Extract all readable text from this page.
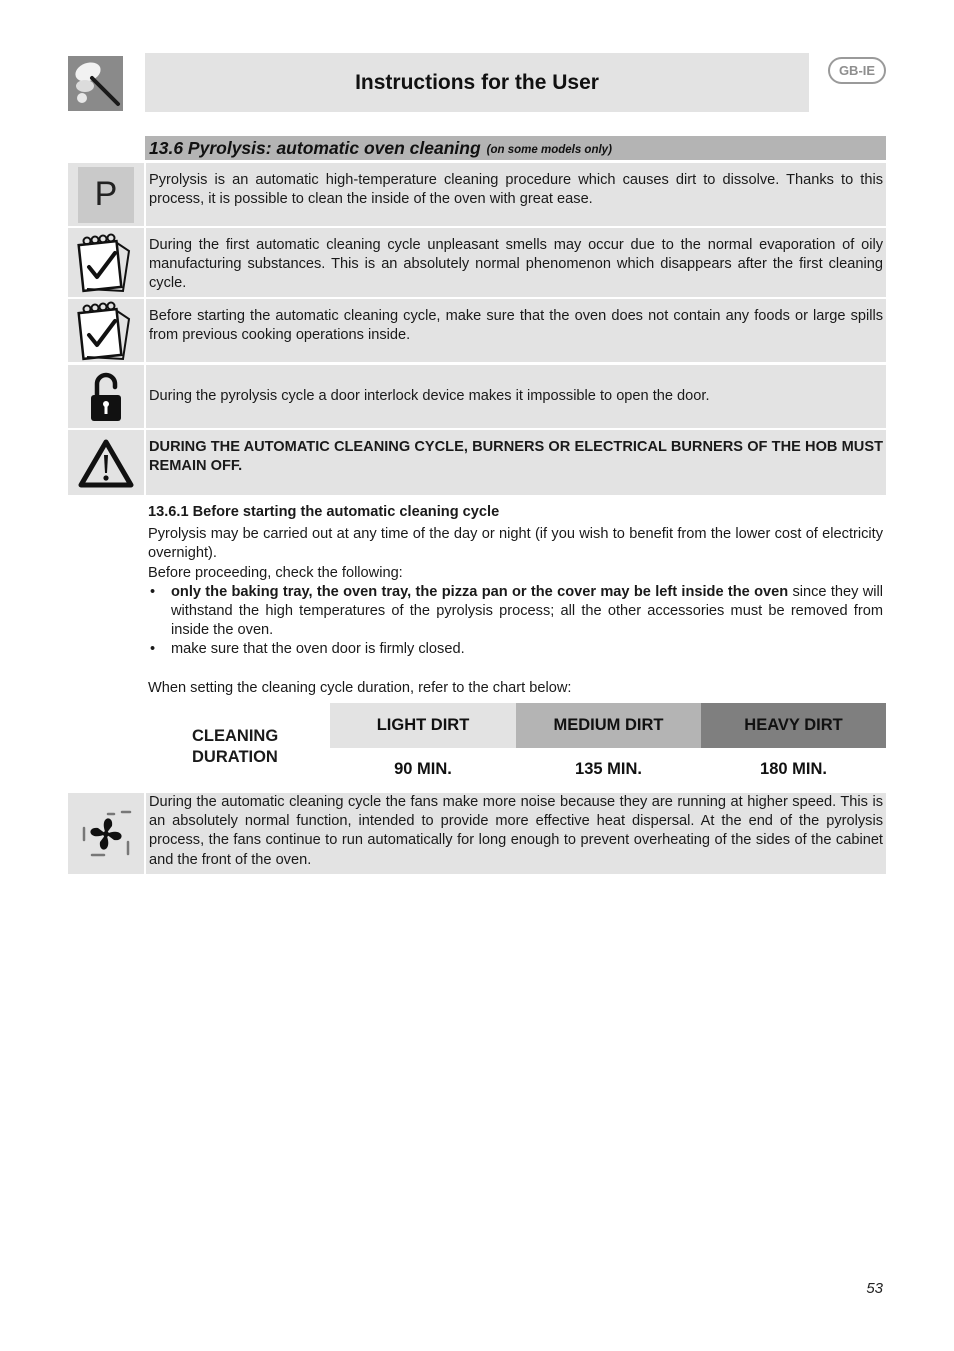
Instructions for the User	GB-IE
13.6 Pyrolysis: automatic oven cleaning (on some models only)
P	Pyrolysis is an automatic high-temperature cleaning procedure which causes dirt to dissolve. Thanks to this process, it is possible to clean the inside of the oven with great ease.
During the first automatic cleaning cycle unpleasant smells may occur due to the normal evaporation of oily manufacturing substances. This is an absolutely normal phenomenon which disappears after the first cleaning cycle.
Before starting the automatic cleaning cycle, make sure that the oven does not contain any foods or large spills from previous cooking operations inside.
During the pyrolysis cycle a door interlock device makes it impossible to open the door.
DURING THE AUTOMATIC CLEANING CYCLE, BURNERS OR ELECTRICAL BURNERS OF THE HOB MUST REMAIN OFF.
13.6.1 Before starting the automatic cleaning cycle
Pyrolysis may be carried out at any time of the day or night (if you wish to benefit from the lower cost of electricity overnight).
Before proceeding, check the following:
•	only the baking tray, the oven tray, the pizza pan or the cover may be left inside the oven since they will withstand the high temperatures of the pyrolysis process; all the other accessories must be removed from inside the oven.
•	make sure that the oven door is firmly closed.
When setting the cleaning cycle duration, refer to the chart below:
CLEANING
DURATION
LIGHT DIRT	MEDIUM DIRT	HEAVY DIRT
90 MIN.	135 MIN.	180 MIN.
During the automatic cleaning cycle the fans make more noise because they are running at higher speed. This is an absolutely normal function, intended to provide more effective heat dispersal. At the end of the pyrolysis process, the fans continue to run automatically for long enough to prevent overheating of the sides of the cabinet and the front of the oven.
53
